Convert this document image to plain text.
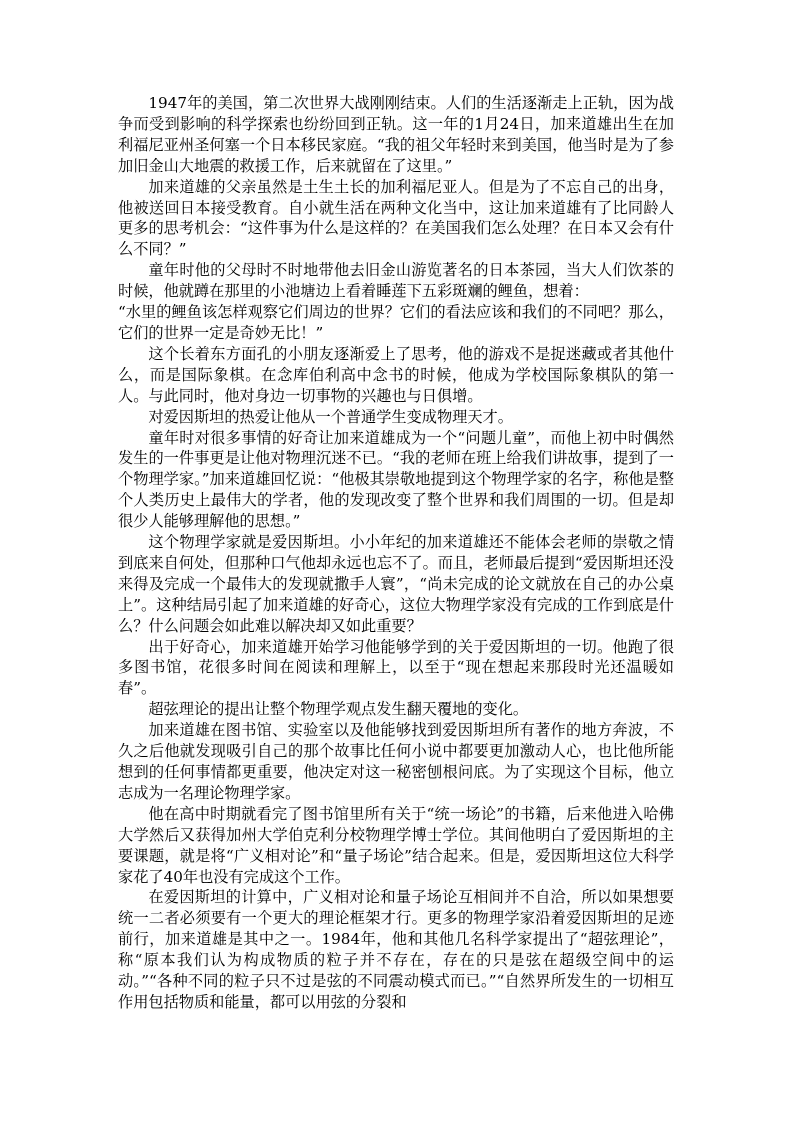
1947年的美国，第二次世界大战刚刚结束。人们的生活逐渐走上正轨，因为战争而受到影响的科学探索也纷纷回到正轨。这一年的1月24日，加来道雄出生在加利福尼亚州圣何塞一个日本移民家庭。“我的祖父年轻时来到美国，他当时是为了参加旧金山大地震的救援工作，后来就留在了这里。”

加来道雄的父亲虽然是土生土长的加利福尼亚人。但是为了不忘自己的出身，他被送回日本接受教育。自小就生活在两种文化当中，这让加来道雄有了比同龄人更多的思考机会：“这件事为什么是这样的？在美国我们怎么处理？在日本又会有什么不同？”

童年时他的父母时不时地带他去旧金山游览著名的日本茶园，当大人们饮茶的时候，他就蹲在那里的小池塘边上看着睡莲下五彩斑斓的鲤鱼，想着：

“水里的鲤鱼该怎样观察它们周边的世界？它们的看法应该和我们的不同吧？那么，它们的世界一定是奇妙无比！”

这个长着东方面孔的小朋友逐渐爱上了思考，他的游戏不是捉迷藏或者其他什么，而是国际象棋。在念库伯利高中念书的时候，他成为学校国际象棋队的第一人。与此同时，他对身边一切事物的兴趣也与日俱增。

对爱因斯坦的热爱让他从一个普通学生变成物理天才。

童年时对很多事情的好奇让加来道雄成为一个“问题儿童”，而他上初中时偶然发生的一件事更是让他对物理沉迷不已。“我的老师在班上给我们讲故事，提到了一个物理学家。”加来道雄回忆说：“他极其崇敬地提到这个物理学家的名字，称他是整个人类历史上最伟大的学者，他的发现改变了整个世界和我们周围的一切。但是却很少人能够理解他的思想。”

这个物理学家就是爱因斯坦。小小年纪的加来道雄还不能体会老师的崇敬之情到底来自何处，但那种口气他却永远也忘不了。而且，老师最后提到“爱因斯坦还没来得及完成一个最伟大的发现就撒手人寰”，“尚未完成的论文就放在自己的办公桌上”。这种结局引起了加来道雄的好奇心，这位大物理学家没有完成的工作到底是什么？什么问题会如此难以解决却又如此重要？

出于好奇心，加来道雄开始学习他能够学到的关于爱因斯坦的一切。他跑了很多图书馆，花很多时间在阅读和理解上，以至于“现在想起来那段时光还温暖如春”。

超弦理论的提出让整个物理学观点发生翻天覆地的变化。

加来道雄在图书馆、实验室以及他能够找到爱因斯坦所有著作的地方奔波，不久之后他就发现吸引自己的那个故事比任何小说中都要更加激动人心，也比他所能想到的任何事情都更重要，他决定对这一秘密刨根问底。为了实现这个目标，他立志成为一名理论物理学家。

他在高中时期就看完了图书馆里所有关于“统一场论”的书籍，后来他进入哈佛大学然后又获得加州大学伯克利分校物理学博士学位。其间他明白了爱因斯坦的主要课题，就是将“广义相对论”和“量子场论”结合起来。但是，爱因斯坦这位大科学家花了40年也没有完成这个工作。

在爱因斯坦的计算中，广义相对论和量子场论互相间并不自洽，所以如果想要统一二者必须要有一个更大的理论框架才行。更多的物理学家沿着爱因斯坦的足迹前行，加来道雄是其中之一。1984年，他和其他几名科学家提出了“超弦理论”，称“原本我们认为构成物质的粒子并不存在，存在的只是弦在超级空间中的运动。”“各种不同的粒子只不过是弦的不同震动模式而已。”“自然界所发生的一切相互作用包括物质和能量，都可以用弦的分裂和
